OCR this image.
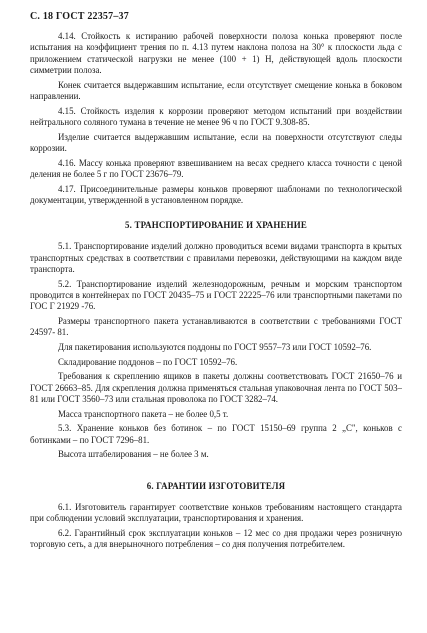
С. 18 ГОСТ 22357–37

4.14. Стойкость к истиранию рабочей поверхности полоза конька проверяют после испытания на коэффициент трения по п. 4.13 путем наклона полоза на 30° к плоскости льда с приложением статической нагрузки не менее (100 + 1) Н, действующей вдоль плоскости симметрии полоза.

Конек считается выдержавшим испытание, если отсутствует смещение конька в боковом направлении.

4.15. Стойкость изделия к коррозии проверяют методом испытаний при воздействии нейтрального соляного тумана в течение не менее 96 ч по ГОСТ 9.308-85.

Изделие считается выдержавшим испытание, если на поверхности отсутствуют следы коррозии.

4.16. Массу конька проверяют взвешиванием на весах среднего класса точности с ценой деления не более 5 г по ГОСТ 23676–79.

4.17. Присоединительные размеры коньков проверяют шаблонами по технологической документации, утвержденной в установленном порядке.

5. ТРАНСПОРТИРОВАНИЕ И ХРАНЕНИЕ

5.1. Транспортирование изделий должно проводиться всеми видами транспорта в крытых транспортных средствах в соответствии с правилами перевозки, действующими на каждом виде транспорта.

5.2. Транспортирование изделий железнодорожным, речным и морским транспортом проводится в контейнерах по ГОСТ 20435–75 и ГОСТ 22225–76 или транспортными пакетами по ГОС Г 21929 -76.

Размеры транспортного пакета устанавливаются в соответствии с требованиями ГОСТ 24597- 81.

Для пакетирования используются поддоны по ГОСТ 9557–73 или ГОСТ 10592–76.

Складирование поддонов – по ГОСТ 10592–76.

Требования к скреплению ящиков в пакеты должны соответствовать ГОСТ 21650–76 и ГОСТ 26663–85. Для скрепления должна применяться стальная упаковочная лента по ГОСТ 503–81 или ГОСТ 3560–73 или стальная проволока по ГОСТ 3282–74.

Масса транспортного пакета – не более 0,5 т.

5.3. Хранение коньков без ботинок – по ГОСТ 15150–69 группа 2 „С", коньков с ботинками – по ГОСТ 7296–81.

Высота штабелирования – не более 3 м.

6. ГАРАНТИИ ИЗГОТОВИТЕЛЯ

6.1. Изготовитель гарантирует соответствие коньков требованиям настоящего стандарта при соблюдении условий эксплуатации, транспортирования и хранения.

6.2. Гарантийный срок эксплуатации коньков – 12 мес со дня продажи через розничную торговую сеть, а для внерыночного потребления – со дня получения потребителем.
